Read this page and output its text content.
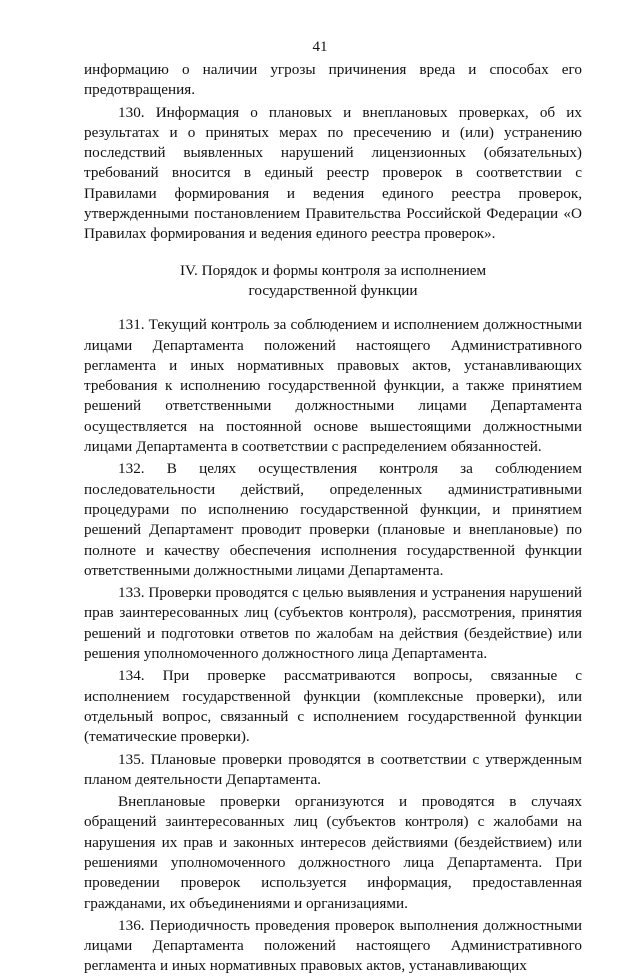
41

информацию о наличии угрозы причинения вреда и способах его предотвращения.

130. Информация о плановых и внеплановых проверках, об их результатах и о принятых мерах по пресечению и (или) устранению последствий выявленных нарушений лицензионных (обязательных) требований вносится в единый реестр проверок в соответствии с Правилами формирования и ведения единого реестра проверок, утвержденными постановлением Правительства Российской Федерации «О Правилах формирования и ведения единого реестра проверок».

IV. Порядок и формы контроля за исполнением
государственной функции

131. Текущий контроль за соблюдением и исполнением должностными лицами Департамента положений настоящего Административного регламента и иных нормативных правовых актов, устанавливающих требования к исполнению государственной функции, а также принятием решений ответственными должностными лицами Департамента осуществляется на постоянной основе вышестоящими должностными лицами Департамента в соответствии с распределением обязанностей.

132. В целях осуществления контроля за соблюдением последовательности действий, определенных административными процедурами по исполнению государственной функции, и принятием решений Департамент проводит проверки (плановые и внеплановые) по полноте и качеству обеспечения исполнения государственной функции ответственными должностными лицами Департамента.

133. Проверки проводятся с целью выявления и устранения нарушений прав заинтересованных лиц (субъектов контроля), рассмотрения, принятия решений и подготовки ответов по жалобам на действия (бездействие) или решения уполномоченного должностного лица Департамента.

134. При проверке рассматриваются вопросы, связанные с исполнением государственной функции (комплексные проверки), или отдельный вопрос, связанный с исполнением государственной функции (тематические проверки).

135. Плановые проверки проводятся в соответствии с утвержденным планом деятельности Департамента.

Внеплановые проверки организуются и проводятся в случаях обращений заинтересованных лиц (субъектов контроля) с жалобами на нарушения их прав и законных интересов действиями (бездействием) или решениями уполномоченного должностного лица Департамента. При проведении проверок используется информация, предоставленная гражданами, их объединениями и организациями.

136. Периодичность проведения проверок выполнения должностными лицами Департамента положений настоящего Административного регламента и иных нормативных правовых актов, устанавливающих
